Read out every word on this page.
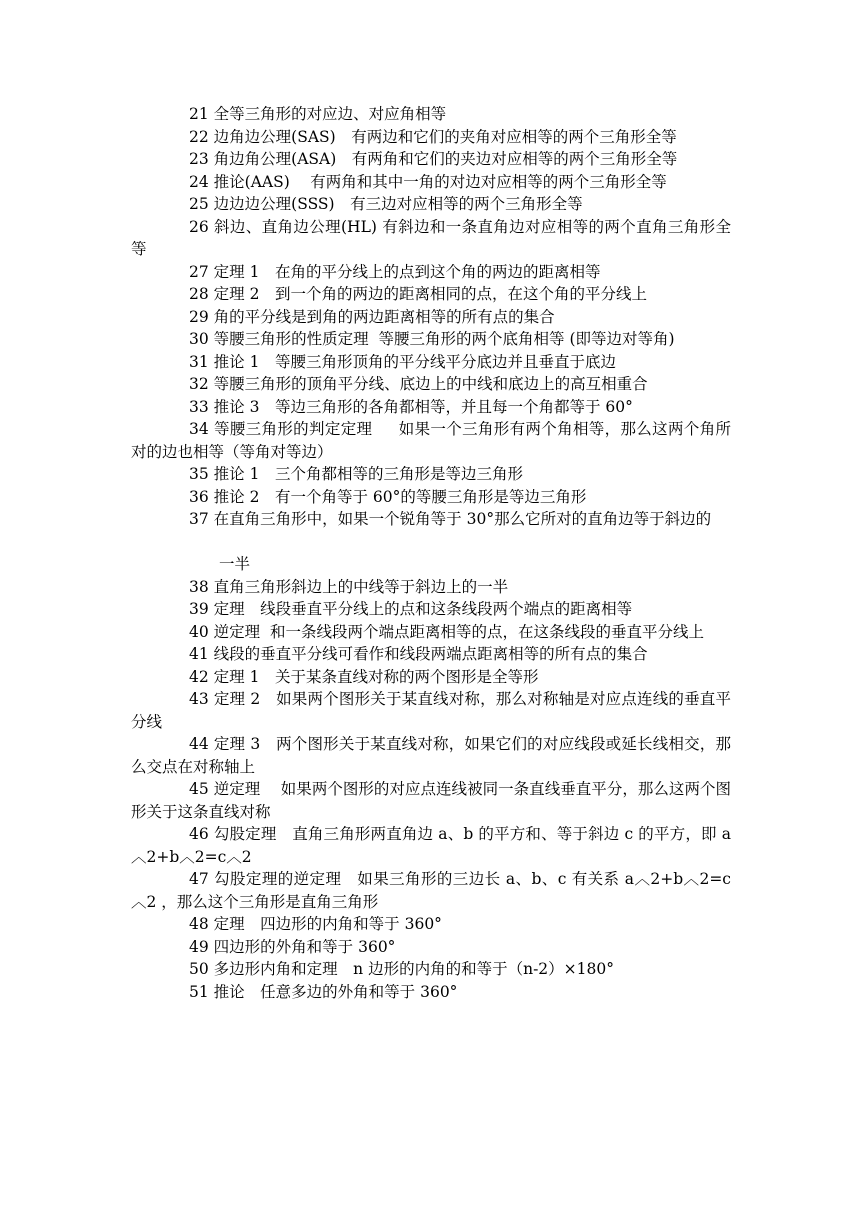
21 全等三角形的对应边、对应角相等

22 边角边公理(SAS)　有两边和它们的夹角对应相等的两个三角形全等

23 角边角公理(ASA)　有两角和它们的夹边对应相等的两个三角形全等

24 推论(AAS)　 有两角和其中一角的对边对应相等的两个三角形全等

25 边边边公理(SSS)　有三边对应相等的两个三角形全等

26 斜边、直角边公理(HL) 有斜边和一条直角边对应相等的两个直角三角形全等

27 定理 1　在角的平分线上的点到这个角的两边的距离相等

28 定理 2　到一个角的两边的距离相同的点，在这个角的平分线上

29 角的平分线是到角的两边距离相等的所有点的集合

30 等腰三角形的性质定理  等腰三角形的两个底角相等 (即等边对等角)

31 推论 1　等腰三角形顶角的平分线平分底边并且垂直于底边

32 等腰三角形的顶角平分线、底边上的中线和底边上的高互相重合

33 推论 3　等边三角形的各角都相等，并且每一个角都等于 60°

34 等腰三角形的判定定理　  如果一个三角形有两个角相等，那么这两个角所对的边也相等（等角对等边）

35 推论 1　三个角都相等的三角形是等边三角形

36 推论 2　有一个角等于 60°的等腰三角形是等边三角形

37 在直角三角形中，如果一个锐角等于 30°那么它所对的直角边等于斜边的

一半

38 直角三角形斜边上的中线等于斜边上的一半

39 定理　线段垂直平分线上的点和这条线段两个端点的距离相等

40 逆定理  和一条线段两个端点距离相等的点，在这条线段的垂直平分线上

41 线段的垂直平分线可看作和线段两端点距离相等的所有点的集合

42 定理 1　关于某条直线对称的两个图形是全等形

43 定理 2　如果两个图形关于某直线对称，那么对称轴是对应点连线的垂直平分线

44 定理 3　两个图形关于某直线对称，如果它们的对应线段或延长线相交，那么交点在对称轴上

45 逆定理　 如果两个图形的对应点连线被同一条直线垂直平分，那么这两个图形关于这条直线对称

46 勾股定理　直角三角形两直角边 a、b 的平方和、等于斜边 c 的平方，即 a︿2+b︿2=c︿2

47 勾股定理的逆定理　如果三角形的三边长 a、b、c 有关系 a︿2+b︿2=c︿2 ，那么这个三角形是直角三角形

48 定理　四边形的内角和等于 360°

49 四边形的外角和等于 360°

50 多边形内角和定理　n 边形的内角的和等于（n-2）×180°

51 推论　任意多边的外角和等于 360°
